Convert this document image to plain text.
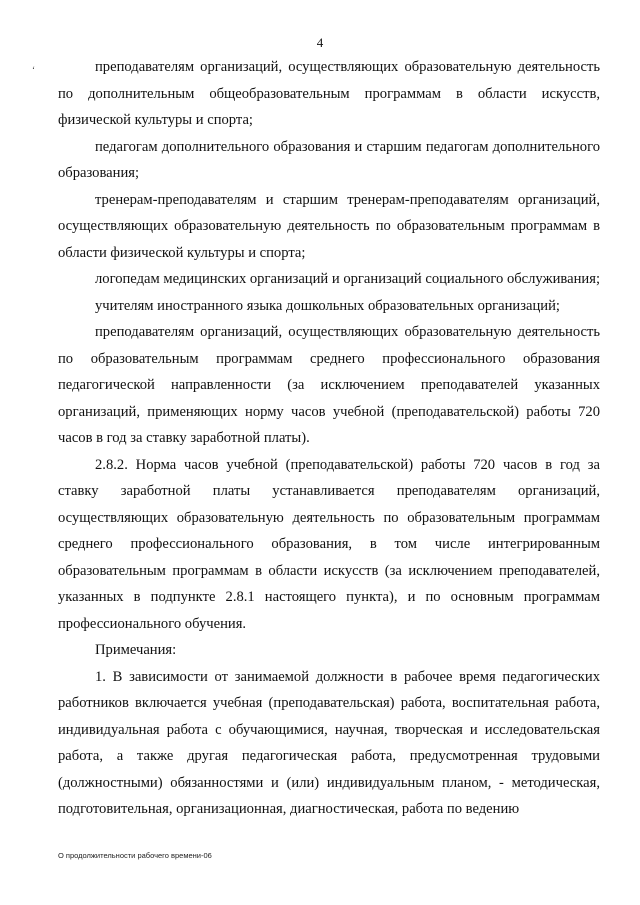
4
‘	преподавателям организаций, осуществляющих образовательную деятельность по дополнительным общеобразовательным программам в области искусств, физической культуры и спорта;

педагогам дополнительного образования и старшим педагогам дополнительного образования;

тренерам-преподавателям и старшим тренерам-преподавателям организаций, осуществляющих образовательную деятельность по образовательным программам в области физической культуры и спорта;

логопедам медицинских организаций и организаций социального обслуживания;

учителям иностранного языка дошкольных образовательных организаций;

преподавателям организаций, осуществляющих образовательную деятельность по образовательным программам среднего профессионального образования педагогической направленности (за исключением преподавателей указанных организаций, применяющих норму часов учебной (преподавательской) работы 720 часов в год за ставку заработной платы).

2.8.2. Норма часов учебной (преподавательской) работы 720 часов в год за ставку заработной платы устанавливается преподавателям организаций, осуществляющих образовательную деятельность по образовательным программам среднего профессионального образования, в том числе интегрированным образовательным программам в области искусств (за исключением преподавателей, указанных в подпункте 2.8.1 настоящего пункта), и по основным программам профессионального обучения.

Примечания:

1. В зависимости от занимаемой должности в рабочее время педагогических работников включается учебная (преподавательская) работа, воспитательная работа, индивидуальная работа с обучающимися, научная, творческая и исследовательская работа, а также другая педагогическая работа, предусмотренная трудовыми (должностными) обязанностями и (или) индивидуальным планом, - методическая, подготовительная, организационная, диагностическая, работа по ведению

О продолжительности рабочего времени-06
